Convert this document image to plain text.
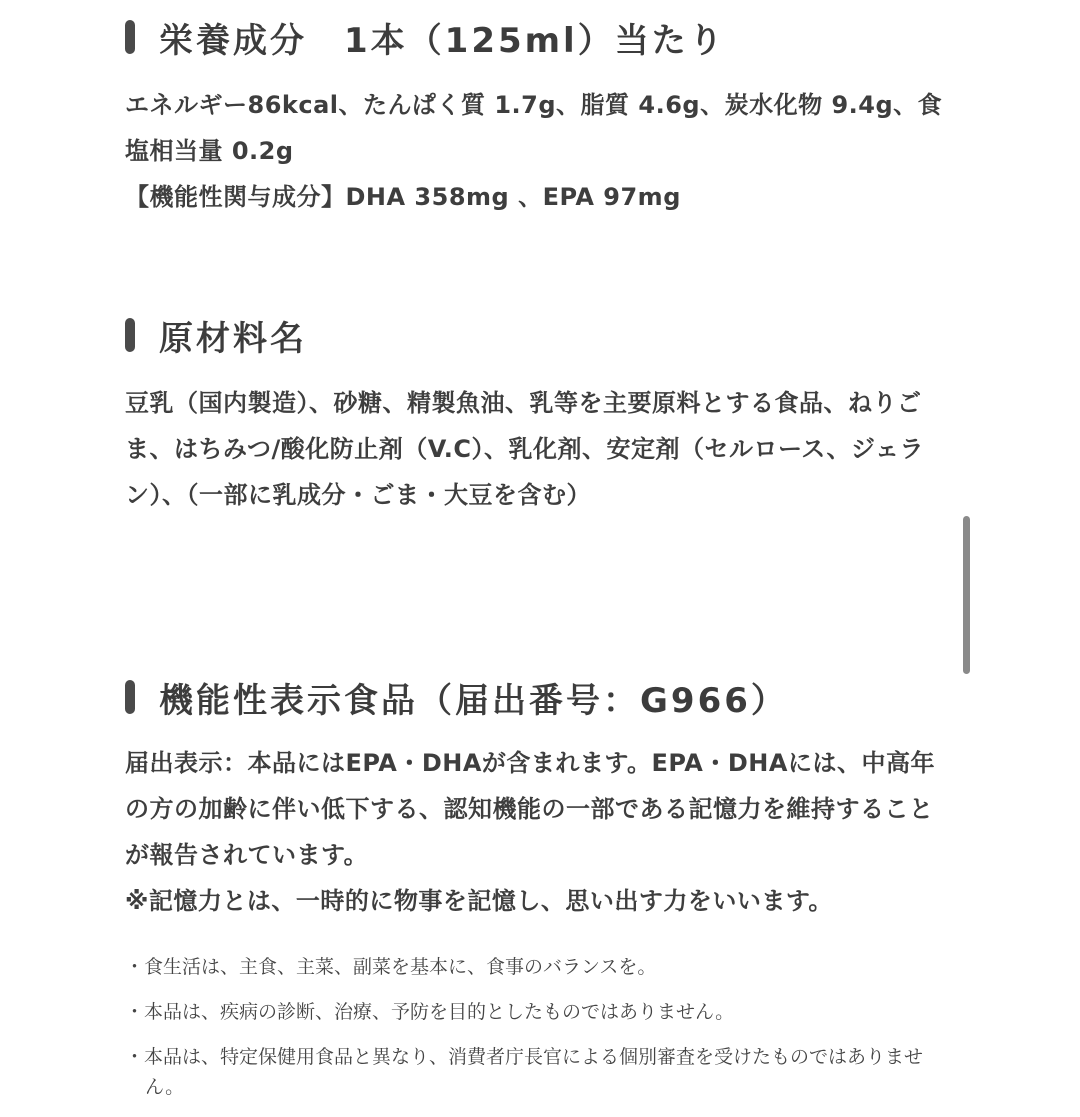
栄養成分　1本（125ml）当たり

エネルギー86kcal、たんぱく質 1.7g、脂質 4.6g、炭水化物 9.4g、食塩相当量 0.2g

【機能性関与成分】DHA 358mg 、EPA 97mg

原材料名

豆乳（国内製造）、砂糖、精製魚油、乳等を主要原料とする食品、ねりごま、はちみつ/酸化防止剤（V.C）、乳化剤、安定剤（セルロース、ジェラン）、（一部に乳成分・ごま・大豆を含む）

機能性表示食品（届出番号：G966）

届出表示：本品にはEPA・DHAが含まれます。EPA・DHAには、中高年の方の加齢に伴い低下する、認知機能の一部である記憶力を維持することが報告されています。

※記憶力とは、一時的に物事を記憶し、思い出す力をいいます。

・食生活は、主食、主菜、副菜を基本に、食事のバランスを。

・本品は、疾病の診断、治療、予防を目的としたものではありません。

・本品は、特定保健用食品と異なり、消費者庁長官による個別審査を受けたものではありません。
